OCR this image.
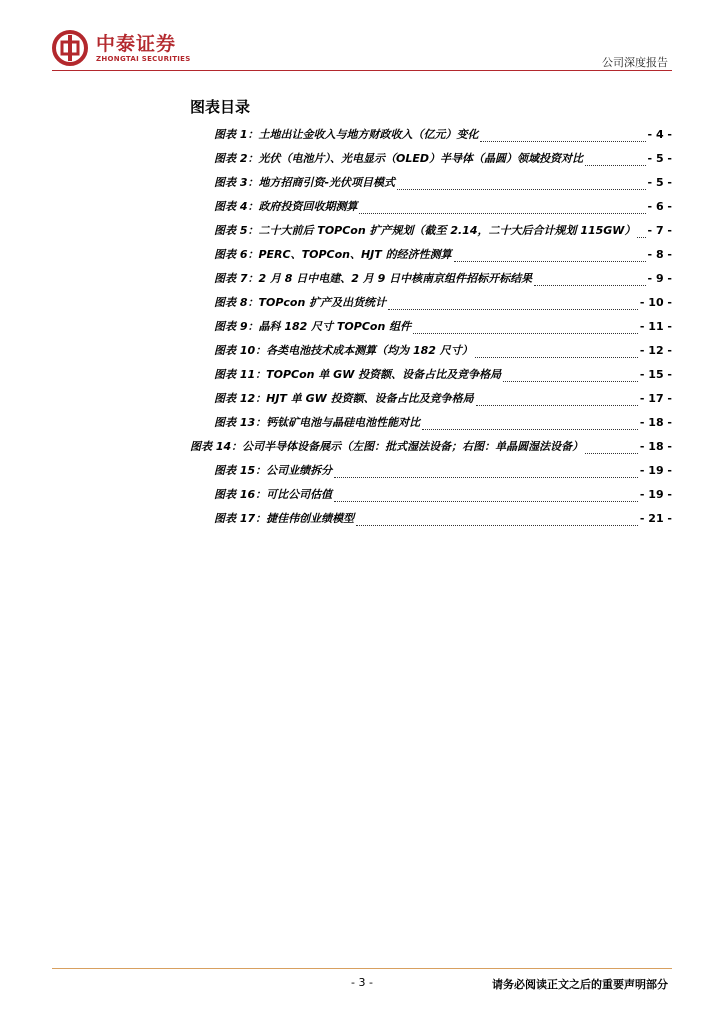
中泰证券
ZHONGTAI SECURITIES	公司深度报告
图表目录
图表 1：土地出让金收入与地方财政收入（亿元）变化	- 4 -
图表 2：光伏（电池片）、光电显示（OLED）半导体（晶圆）领域投资对比	- 5 -
图表 3：地方招商引资-光伏项目模式	- 5 -
图表 4：政府投资回收期测算	- 6 -
图表 5：二十大前后 TOPCon 扩产规划（截至 2.14，二十大后合计规划 115GW） - 7 -
图表 6：PERC、TOPCon、HJT 的经济性测算	- 8 -
图表 7：2 月 8 日中电建、2 月 9 日中核南京组件招标开标结果	- 9 -
图表 8：TOPcon 扩产及出货统计	- 10 -
图表 9：晶科 182 尺寸 TOPCon 组件	- 11 -
图表 10：各类电池技术成本测算（均为 182 尺寸）	- 12 -
图表 11：TOPCon 单 GW 投资额、设备占比及竞争格局	- 15 -
图表 12：HJT 单 GW 投资额、设备占比及竞争格局	- 17 -
图表 13：钙钛矿电池与晶硅电池性能对比	- 18 -
图表 14：公司半导体设备展示（左图：批式湿法设备；右图：单晶圆湿法设备）	- 18 -
图表 15：公司业绩拆分	- 19 -
图表 16：可比公司估值	- 19 -
图表 17：捷佳伟创业绩模型	- 21 -
- 3 -	请务必阅读正文之后的重要声明部分
